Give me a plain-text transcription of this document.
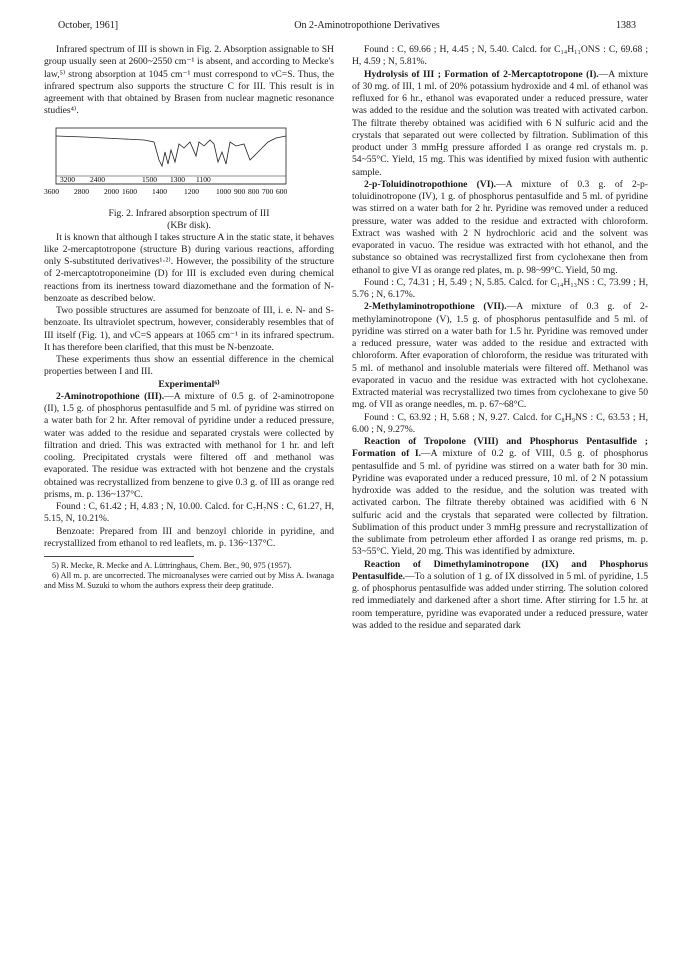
October, 1961]	On 2-Aminotropothione Derivatives	1383

Infrared spectrum of III is shown in Fig. 2. Absorption assignable to SH group usually seen at 2600~2550 cm⁻¹ is absent, and according to Mecke's law,⁵⁾ strong absorption at 1045 cm⁻¹ must correspond to νC=S. Thus, the infrared spectrum also supports the structure C for III. This result is in agreement with that obtained by Brasen from nuclear magnetic resonance studies⁴⁾.

3200 2400	1500 1300 1100
3600 2800 2000 1600 1400 1200 1000 900 800 700 600

Fig. 2. Infrared absorption spectrum of III
(KBr disk).

It is known that although I takes structure A in the static state, it behaves like 2-mercaptotropone (structure B) during various reactions, affording only S-substituted derivatives¹·²⁾. However, the possibility of the structure of 2-mercaptotroponeimine (D) for III is excluded even during chemical reactions from its inertness toward diazomethane and the formation of N-benzoate as described below.

Two possible structures are assumed for benzoate of III, i. e. N- and S-benzoate. Its ultraviolet spectrum, however, considerably resembles that of III itself (Fig. 1), and νC=S appears at 1065 cm⁻¹ in its infrared spectrum. It has therefore been clarified, that this must be N-benzoate.

These experiments thus show an essential difference in the chemical properties between I and III.

Experimental⁶⁾

2-Aminotropothione (III).—A mixture of 0.5 g. of 2-aminotropone (II), 1.5 g. of phosphorus pentasulfide and 5 ml. of pyridine was stirred on a water bath for 2 hr. After removal of pyridine under a reduced pressure, water was added to the residue and separated crystals were collected by filtration and dried. This was extracted with methanol for 1 hr. and left cooling. Precipitated crystals were filtered off and methanol was evaporated. The residue was extracted with hot benzene and the crystals obtained was recrystallized from benzene to give 0.3 g. of III as orange red prisms, m. p. 136~137°C.

Found : C, 61.42 ; H, 4.83 ; N, 10.00. Calcd. for C₇H₇NS : C, 61.27, H, 5.15, N, 10.21%.

Benzoate: Prepared from III and benzoyl chloride in pyridine, and recrystallized from ethanol to red leaflets, m. p. 136~137°C.

5) R. Mecke, R. Mecke and A. Lüttringhaus, Chem. Ber., 90, 975 (1957).

6) All m. p. are uncorrected. The microanalyses were carried out by Miss A. Iwanaga and Miss M. Suzuki to whom the authors express their deep gratitude.

Found : C, 69.66 ; H, 4.45 ; N, 5.40. Calcd. for C₁₄H₁₁ONS : C, 69.68 ; H, 4.59 ; N, 5.81%.

Hydrolysis of III ; Formation of 2-Mercaptotropone (I).—A mixture of 30 mg. of III, 1 ml. of 20% potassium hydroxide and 4 ml. of ethanol was refluxed for 6 hr., ethanol was evaporated under a reduced pressure, water was added to the residue and the solution was treated with activated carbon. The filtrate thereby obtained was acidified with 6 N sulfuric acid and the crystals that separated out were collected by filtration. Sublimation of this product under 3 mmHg pressure afforded I as orange red crystals m. p. 54~55°C. Yield, 15 mg. This was identified by mixed fusion with authentic sample.

2-p-Toluidinotropothione (VI).—A mixture of 0.3 g. of 2-p-toluidinotropone (IV), 1 g. of phosphorus pentasulfide and 5 ml. of pyridine was stirred on a water bath for 2 hr. Pyridine was removed under a reduced pressure, water was added to the residue and extracted with chloroform. Extract was washed with 2 N hydrochloric acid and the solvent was evaporated in vacuo. The residue was extracted with hot ethanol, and the substance so obtained was recrystallized first from cyclohexane then from ethanol to give VI as orange red plates, m. p. 98~99°C. Yield, 50 mg.

Found : C, 74.31 ; H, 5.49 ; N, 5.85. Calcd. for C₁₄H₁₃NS : C, 73.99 ; H, 5.76 ; N, 6.17%.

2-Methylaminotropothione (VII).—A mixture of 0.3 g. of 2-methylaminotropone (V), 1.5 g. of phosphorus pentasulfide and 5 ml. of pyridine was stirred on a water bath for 1.5 hr. Pyridine was removed under a reduced pressure, water was added to the residue and extracted with chloroform. After evaporation of chloroform, the residue was triturated with 5 ml. of methanol and insoluble materials were filtered off. Methanol was evaporated in vacuo and the residue was extracted with hot cyclohexane. Extracted material was recrystallized two times from cyclohexane to give 50 mg. of VII as orange needles, m. p. 67~68°C.

Found : C, 63.92 ; H, 5.68 ; N, 9.27. Calcd. for C₈H₉NS : C, 63.53 ; H, 6.00 ; N, 9.27%.

Reaction of Tropolone (VIII) and Phosphorus Pentasulfide ; Formation of I.—A mixture of 0.2 g. of VIII, 0.5 g. of phosphorus pentasulfide and 5 ml. of pyridine was stirred on a water bath for 30 min. Pyridine was evaporated under a reduced pressure, 10 ml. of 2 N potassium hydroxide was added to the residue, and the solution was treated with activated carbon. The filtrate thereby obtained was acidified with 6 N sulfuric acid and the crystals that separated were collected by filtration. Sublimation of this product under 3 mmHg pressure and recrystallization of the sublimate from petroleum ether afforded I as orange red prisms, m. p. 53~55°C. Yield, 20 mg. This was identified by admixture.

Reaction of Dimethylaminotropone (IX) and Phosphorus Pentasulfide.—To a solution of 1 g. of IX dissolved in 5 ml. of pyridine, 1.5 g. of phosphorus pentasulfide was added under stirring. The solution colored red immediately and darkened after a short time. After stirring for 1.5 hr. at room temperature, pyridine was evaporated under a reduced pressure, water was added to the residue and separated dark
